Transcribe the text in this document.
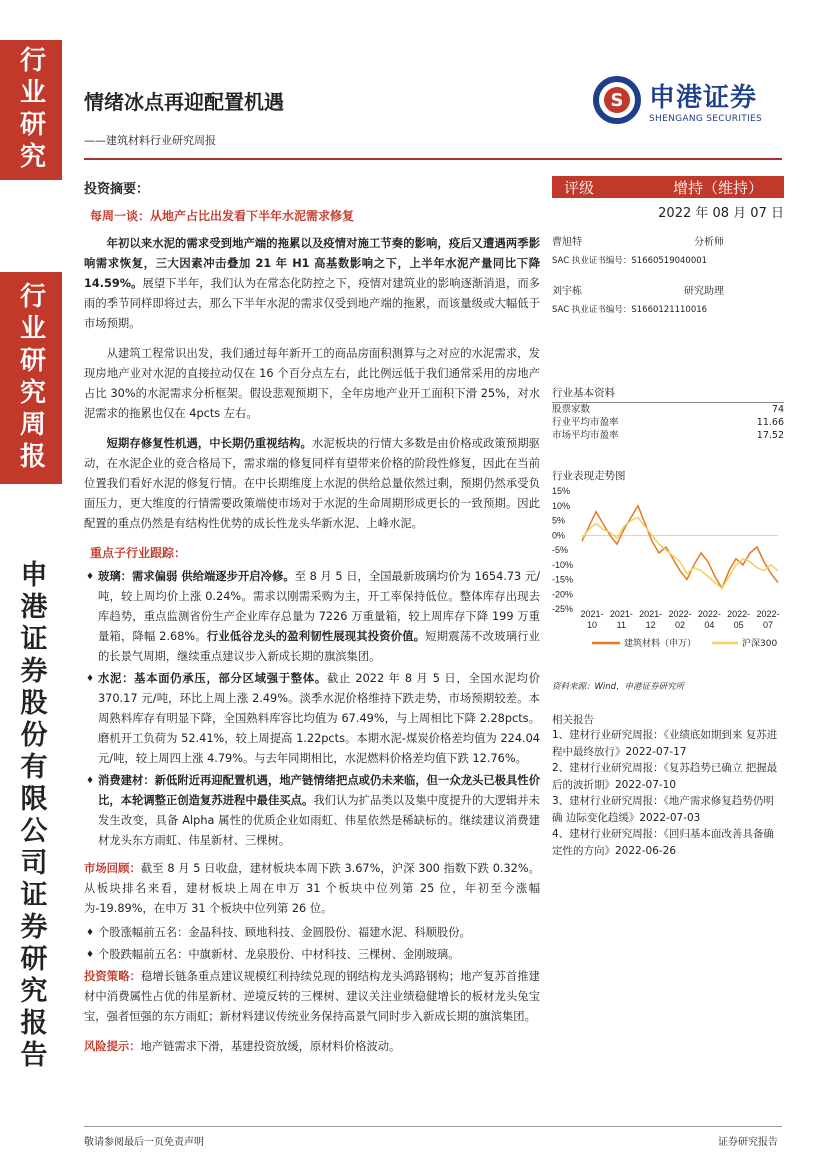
行业研究
行业研究周报
申港证券股份有限公司证券研究报告
情绪冰点再迎配置机遇
——建筑材料行业研究周报
S 申港证券
SHENGANG SECURITIES
投资摘要：
每周一谈：从地产占比出发看下半年水泥需求修复

年初以来水泥的需求受到地产端的拖累以及疫情对施工节奏的影响，疫后又遭遇两季影响需求恢复，三大因素冲击叠加 21 年 H1 高基数影响之下，上半年水泥产量同比下降 14.59%。展望下半年，我们认为在常态化防控之下，疫情对建筑业的影响逐渐消退，而多雨的季节同样即将过去，那么下半年水泥的需求仅受到地产端的拖累，而该量级或大幅低于市场预期。

从建筑工程常识出发，我们通过每年新开工的商品房面积测算与之对应的水泥需求，发现房地产业对水泥的直接拉动仅在 16 个百分点左右，此比例远低于我们通常采用的房地产占比 30%的水泥需求分析框架。假设悲观预期下，全年房地产业开工面积下滑 25%，对水泥需求的拖累也仅在 4pcts 左右。

短期存修复性机遇，中长期仍重视结构。水泥板块的行情大多数是由价格或政策预期驱动，在水泥企业的竞合格局下，需求端的修复同样有望带来价格的阶段性修复，因此在当前位置我们看好水泥的修复行情。在中长期维度上水泥的供给总量依然过剩，预期仍然承受负面压力，更大维度的行情需要政策端使市场对于水泥的生命周期形成更长的一致预期。因此配置的重点仍然是有结构性优势的成长性龙头华新水泥、上峰水泥。

重点子行业跟踪：
♦ 玻璃：需求偏弱 供给端逐步开启冷修。至 8 月 5 日，全国最新玻璃均价为 1654.73 元/吨，较上周均价上涨 0.24%。需求以刚需采购为主，开工率保持低位。整体库存出现去库趋势，重点监测省份生产企业库存总量为 7226 万重量箱，较上周库存下降 199 万重量箱，降幅 2.68%。行业低谷龙头的盈利韧性展现其投资价值。短期震荡不改玻璃行业的长景气周期，继续重点建议步入新成长期的旗滨集团。
♦ 水泥：基本面仍承压，部分区域强于整体。截止 2022 年 8 月 5 日，全国水泥均价 370.17 元/吨，环比上周上涨 2.49%。淡季水泥价格维持下跌走势，市场预期较差。本周熟料库存有明显下降，全国熟料库容比均值为 67.49%，与上周相比下降 2.28pcts。磨机开工负荷为 52.41%，较上周提高 1.22pcts。本期水泥-煤炭价格差均值为 224.04 元/吨，较上周四上涨 4.79%。与去年同期相比，水泥燃料价格差均值下跌 12.76%。
♦ 消费建材：新低附近再迎配置机遇，地产链情绪把点或仍未来临，但一众龙头已极具性价比，本轮调整正创造复苏进程中最佳买点。我们认为扩品类以及集中度提升的大逻辑并未发生改变，具备 Alpha 属性的优质企业如雨虹、伟星依然是稀缺标的。继续建议消费建材龙头东方雨虹、伟星新材、三棵树。

市场回顾：截至 8 月 5 日收盘，建材板块本周下跌 3.67%，沪深 300 指数下跌 0.32%。从板块排名来看，建材板块上周在申万 31 个板块中位列第 25 位，年初至今涨幅为-19.89%，在申万 31 个板块中位列第 26 位。

♦ 个股涨幅前五名：金晶科技、顾地科技、金圆股份、福建水泥、科顺股份。
♦ 个股跌幅前五名：中旗新材、龙泉股份、中材科技、三棵树、金刚玻璃。

投资策略：稳增长链条重点建议规模红利持续兑现的钢结构龙头鸿路钢构；地产复苏首推建材中消费属性占优的伟星新材、逆境反转的三棵树、建议关注业绩稳健增长的板材龙头兔宝宝，强者恒强的东方雨虹；新材料建议传统业务保持高景气同时步入新成长期的旗滨集团。

风险提示：地产链需求下滑，基建投资放缓，原材料价格波动。

评级	增持（维持）
2022 年 08 月 07 日
曹旭特	分析师
SAC 执业证书编号：S1660519040001
刘宇栋	研究助理
SAC 执业证书编号：S1660121110016
行业基本资料
股票家数	74
行业平均市盈率	11.66
市场平均市盈率	17.52
行业表现走势图
15%
10%
5%
0%
-5%
-10%
-15%
-20%
-25% 2021-
10
2021-
11
2021-
12
2022-
02
2022-
04
2022-
05
2022-
07
建筑材料（申万）	沪深300
资料来源：Wind，申港证券研究所
相关报告
1、建材行业研究周报：《业绩底如期到来 复苏进程中最终放行》2022-07-17
2、建材行业研究周报：《复苏趋势已确立 把握最后的波折期》2022-07-10
3、建材行业研究周报：《地产需求修复趋势仍明确 边际变化趋缓》2022-07-03
4、建材行业研究周报：《回归基本面改善具备确定性的方向》2022-06-26
敬请参阅最后一页免责声明	证券研究报告
